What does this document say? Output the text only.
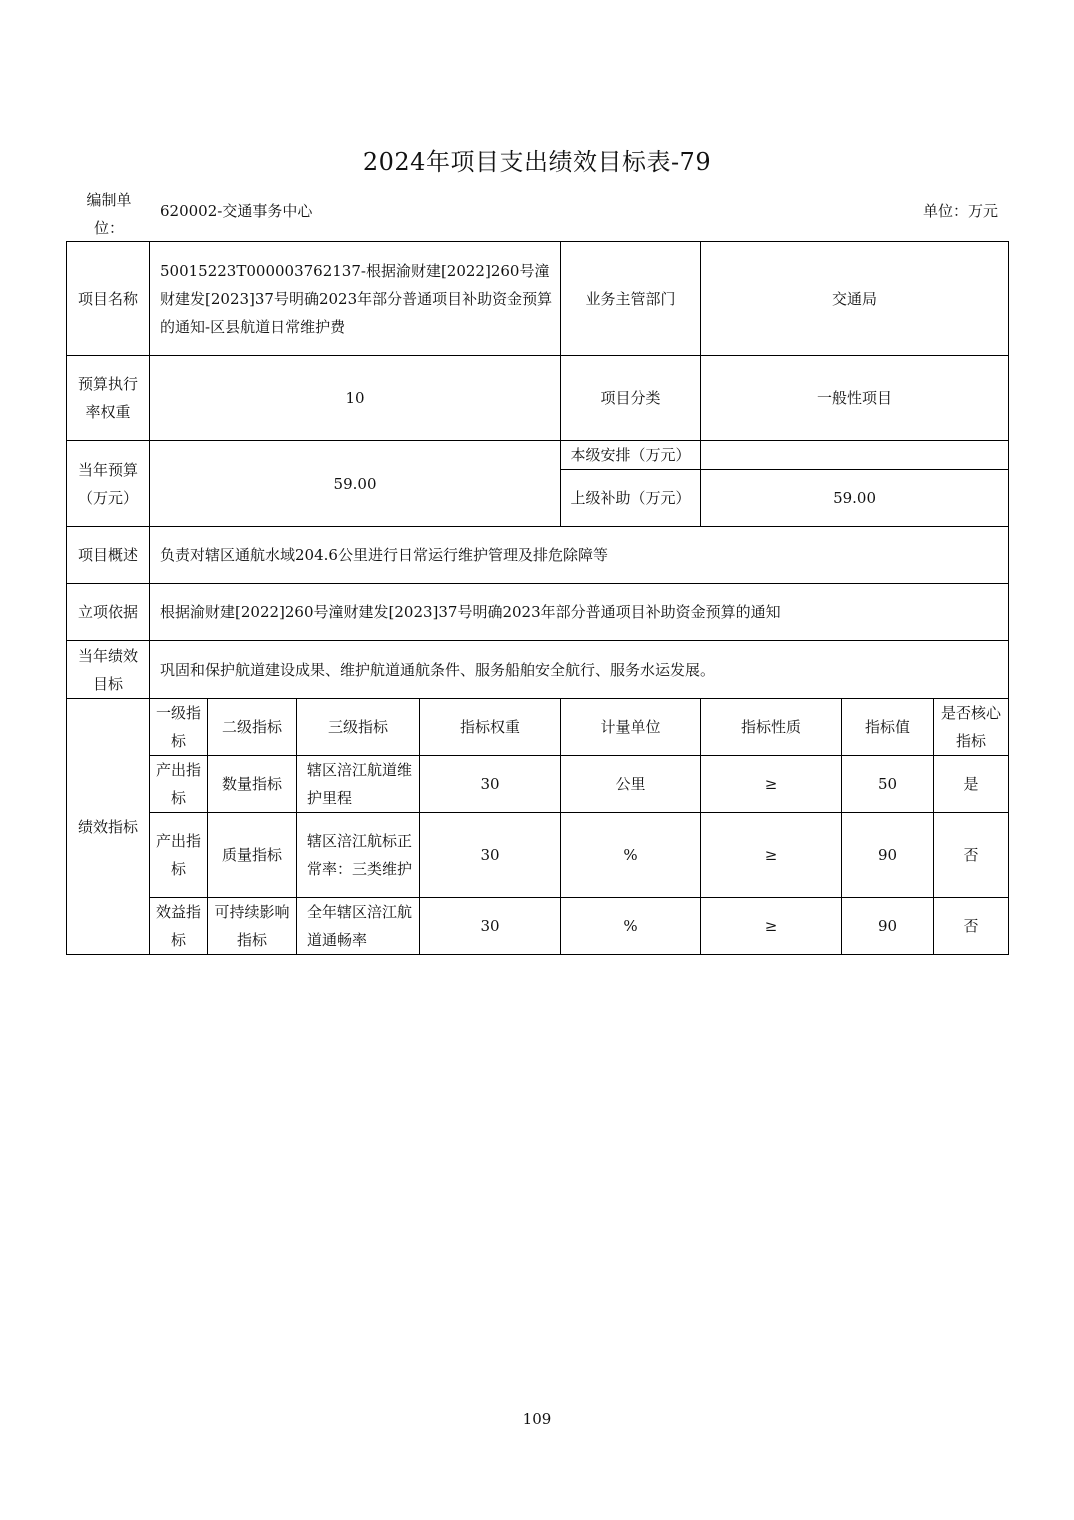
2024年项目支出绩效目标表-79
编制单位：
620002-交通事务中心	单位：万元
项目名称	50015223T000003762137-根据渝财建[2022]260号潼财建发[2023]37号明确2023年部分普通项目补助资金预算的通知-区县航道日常维护费				业务主管部门	交通局		
预算执行率权重	10				项目分类	一般性项目		
当年预算（万元）	59.00				本级安排（万元）			
					上级补助（万元）	59.00		
项目概述	负责对辖区通航水域204.6公里进行日常运行维护管理及排危除障等							
立项依据	根据渝财建[2022]260号潼财建发[2023]37号明确2023年部分普通项目补助资金预算的通知							
当年绩效目标	巩固和保护航道建设成果、维护航道通航条件、服务船舶安全航行、服务水运发展。							
绩效指标	一级指标	二级指标	三级指标	指标权重	计量单位	指标性质	指标值	是否核心指标
	产出指标	数量指标	辖区涪江航道维护里程	30	公里	≥	50	是
	产出指标	质量指标	辖区涪江航标正常率：三类维护	30	%	≥	90	否
	效益指标	可持续影响指标	全年辖区涪江航道通畅率	30	%	≥	90	否
109
